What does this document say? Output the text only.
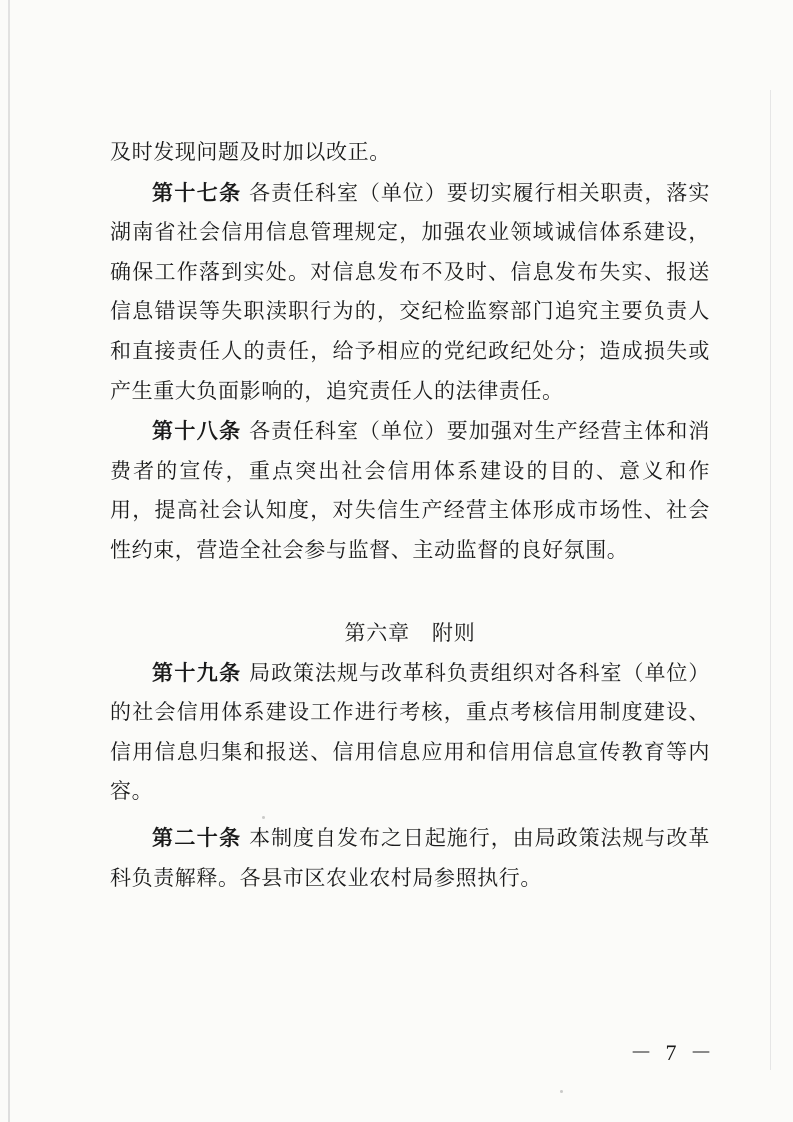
及时发现问题及时加以改正。

第十七条 各责任科室（单位）要切实履行相关职责，落实湖南省社会信用信息管理规定，加强农业领域诚信体系建设，确保工作落到实处。对信息发布不及时、信息发布失实、报送信息错误等失职渎职行为的，交纪检监察部门追究主要负责人和直接责任人的责任，给予相应的党纪政纪处分；造成损失或产生重大负面影响的，追究责任人的法律责任。

第十八条 各责任科室（单位）要加强对生产经营主体和消费者的宣传，重点突出社会信用体系建设的目的、意义和作用，提高社会认知度，对失信生产经营主体形成市场性、社会性约束，营造全社会参与监督、主动监督的良好氛围。

第六章 附则

第十九条 局政策法规与改革科负责组织对各科室（单位）的社会信用体系建设工作进行考核，重点考核信用制度建设、信用信息归集和报送、信用信息应用和信用信息宣传教育等内容。

第二十条 本制度自发布之日起施行，由局政策法规与改革科负责解释。各县市区农业农村局参照执行。

－ 7 －
